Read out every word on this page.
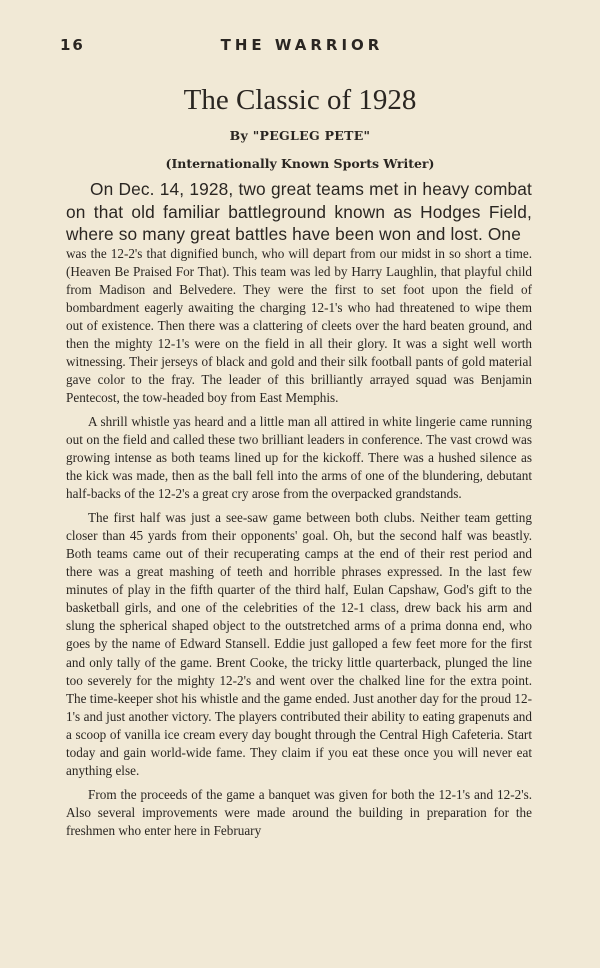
16	THE WARRIOR
The Classic of 1928
By "PEGLEG PETE"
(Internationally Known Sports Writer)

On Dec. 14, 1928, two great teams met in heavy combat on that old familiar battleground known as Hodges Field, where so many great battles have been won and lost. One

was the 12-2's that dignified bunch, who will depart from our midst in so short a time. (Heaven Be Praised For That). This team was led by Harry Laughlin, that playful child from Madison and Belvedere. They were the first to set foot upon the field of bombardment eagerly awaiting the charging 12-1's who had threatened to wipe them out of existence. Then there was a clattering of cleets over the hard beaten ground, and then the mighty 12-1's were on the field in all their glory. It was a sight well worth witnessing. Their jerseys of black and gold and their silk football pants of gold material gave color to the fray. The leader of this brilliantly arrayed squad was Benjamin Pentecost, the tow-headed boy from East Memphis.

A shrill whistle yas heard and a little man all attired in white lingerie came running out on the field and called these two brilliant leaders in conference. The vast crowd was growing intense as both teams lined up for the kickoff. There was a hushed silence as the kick was made, then as the ball fell into the arms of one of the blundering, debutant half-backs of the 12-2's a great cry arose from the overpacked grandstands.

The first half was just a see-saw game between both clubs. Neither team getting closer than 45 yards from their opponents' goal. Oh, but the second half was beastly. Both teams came out of their recuperating camps at the end of their rest period and there was a great mashing of teeth and horrible phrases expressed. In the last few minutes of play in the fifth quarter of the third half, Eulan Capshaw, God's gift to the basketball girls, and one of the celebrities of the 12-1 class, drew back his arm and slung the spherical shaped object to the outstretched arms of a prima donna end, who goes by the name of Edward Stansell. Eddie just galloped a few feet more for the first and only tally of the game. Brent Cooke, the tricky little quarterback, plunged the line too severely for the mighty 12-2's and went over the chalked line for the extra point. The time-keeper shot his whistle and the game ended. Just another day for the proud 12-1's and just another victory. The players contributed their ability to eating grapenuts and a scoop of vanilla ice cream every day bought through the Central High Cafeteria. Start today and gain world-wide fame. They claim if you eat these once you will never eat anything else.

From the proceeds of the game a banquet was given for both the 12-1's and 12-2's. Also several improvements were made around the building in preparation for the freshmen who enter here in February
